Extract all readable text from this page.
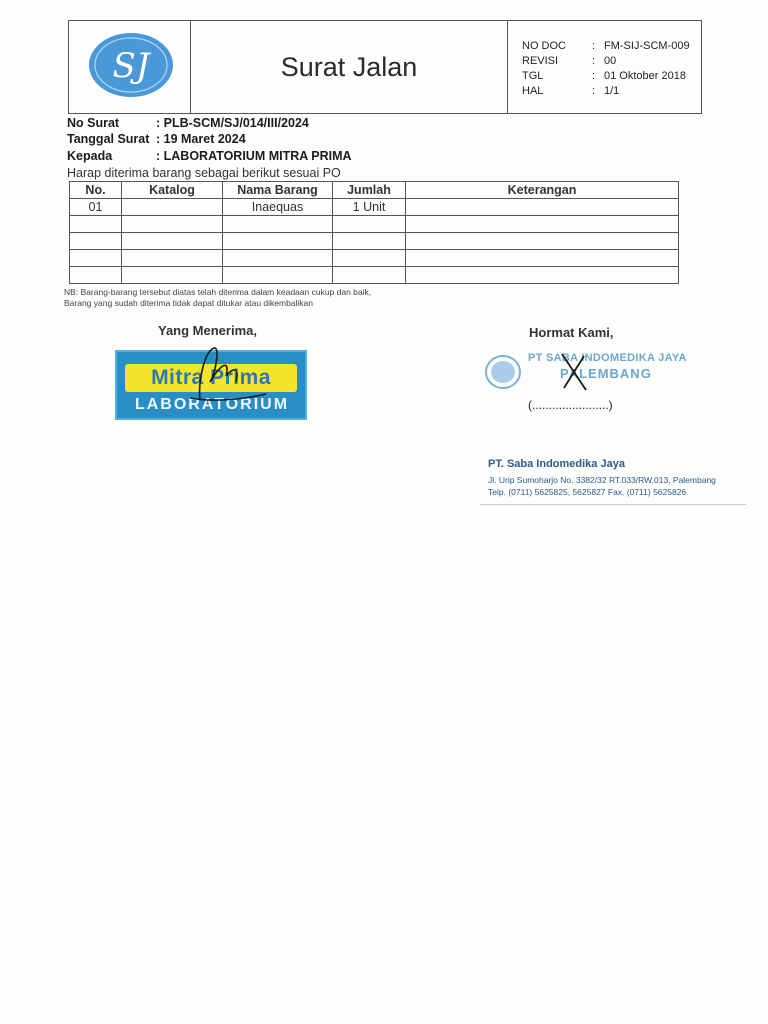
SJ	Surat Jalan
NO DOC : FM-SIJ-SCM-009
REVISI	: 00
TGL	: 01 Oktober 2018
HAL	: 1/1
No Surat	: PLB-SCM/SJ/014/III/2024
Tanggal Surat : 19 Maret 2024
Kepada	: LABORATORIUM MITRA PRIMA
Harap diterima barang sebagai berikut sesuai PO
No.	Katalog	Nama Barang	Jumlah	Keterangan
01		Inaequas	1 Unit	

NB: Barang-barang tersebut diatas telah diterima dalam keadaan cukup dan baik,
Barang yang sudah diterima tidak dapat ditukar atau dikembalikan
Yang Menerima,	Hormat Kami,
Mitra Prima
LABORATORIUM
PT SABA INDOMEDIKA JAYA
PALEMBANG
(.......................)
PT. Saba Indomedika Jaya
Jl. Urip Sumoharjo No. 3382/32 RT.033/RW.013, Palembang
Telp. (0711) 5625825, 5625827 Fax. (0711) 5625826
